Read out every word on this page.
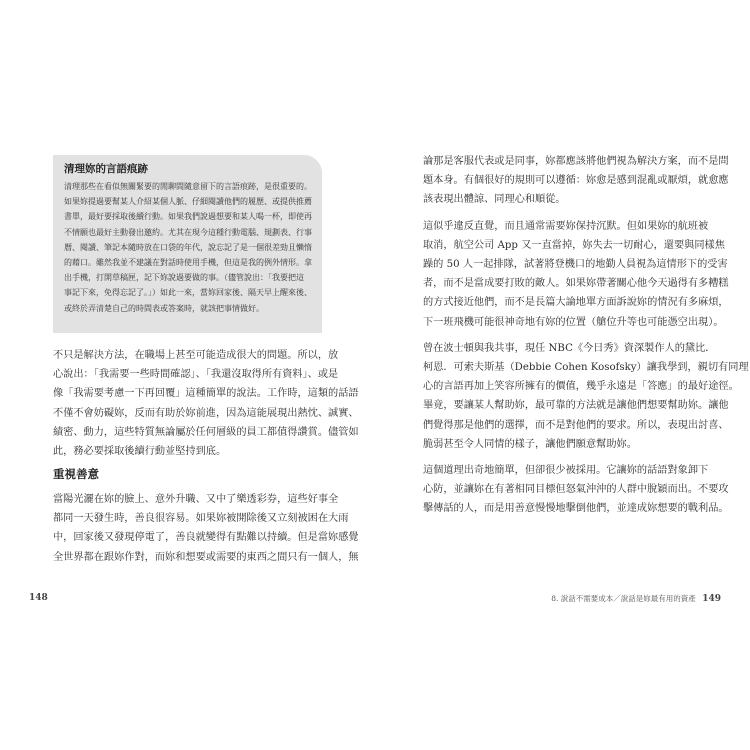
清理妳的言語痕跡
清理那些在看似無關緊要的閒聊間隨意留下的言語痕跡，是很重要的。
如果妳提過要幫某人介紹某個人脈、仔細閱讀他們的履歷、或提供推薦
書單，最好要採取後續行動。如果我們說過想要和某人喝一杯，即使再
不情願也最好主動發出邀約。尤其在現今這種行動電腦、規劃表、行事
曆、閱讀、筆記本隨時放在口袋的年代，說忘記了是一個很差勁且懶惰
的藉口。雖然我並不建議在對話時使用手機，但這是我的例外情形。拿
出手機，打開草稿匣，記下妳說過要做的事。（儘管說出：「我要把這
事記下來，免得忘記了。」）如此一來，當妳回家後、隔天早上醒來後、
或終於弄清楚自己的時間表或答案時，就該把事情做好。
不只是解決方法，在職場上甚至可能造成很大的問題。所以，放
心說出：「我需要一些時間確認」、「我還沒取得所有資料」、或是
像「我需要考慮一下再回覆」這種簡單的說法。工作時，這類的話語
不僅不會妨礙妳，反而有助於妳前進，因為這能展現出熱忱、誠實、
績密、動力，這些特質無論屬於任何層級的員工都值得讚賞。儘管如
此，務必要採取後續行動並堅持到底。
重視善意
當陽光灑在妳的臉上、意外升職、又中了樂透彩券，這些好事全
都同一天發生時，善良很容易。如果妳被開除後又立刻被困在大雨
中，回家後又發現停電了，善良就變得有點難以持續。但是當妳感覺
全世界都在跟妳作對，而妳和想要或需要的東西之間只有一個人，無
148
論那是客服代表或是同事，妳都應該將他們視為解決方案，而不是問
題本身。有個很好的規則可以遵循：妳愈是感到混亂或厭煩，就愈應
該表現出體諒、同理心和順從。
這似乎違反直覺，而且通常需要妳保持沉默。但如果妳的航班被
取消，航空公司 App 又一直當掉，妳失去一切耐心，還要與同樣焦
躁的 50 人一起排隊，試著將登機口的地勤人員視為這情形下的受害
者，而不是當成要打敗的敵人。如果妳帶著關心他今天過得有多糟糕
的方式接近他們，而不是長篇大論地單方面訴說妳的情況有多麻煩，
下一班飛機可能很神奇地有妳的位置（艙位升等也可能憑空出現）。
曾在波士頓與我共事，現任 NBC《今日秀》資深製作人的黛比．
柯恩．可索夫斯基（Debbie Cohen Kosofsky）讓我學到，親切有同理
心的言語再加上笑容所擁有的價值，幾乎永遠是「答應」的最好途徑。
畢竟，要讓某人幫助妳，最可靠的方法就是讓他們想要幫助妳。讓他
們覺得那是他們的選擇，而不是對他們的要求。所以，表現出討喜、
脆弱甚至令人同情的樣子，讓他們願意幫助妳。
這個道理出奇地簡單，但卻很少被採用。它讓妳的話語對象卸下
心防，並讓妳在有著相同目標但怒氣沖沖的人群中脫穎而出。不要攻
擊傳話的人，而是用善意慢慢地擊倒他們，並達成妳想要的戰利品。
8. 說話不需要成本／說話是妳最有用的資產 149
